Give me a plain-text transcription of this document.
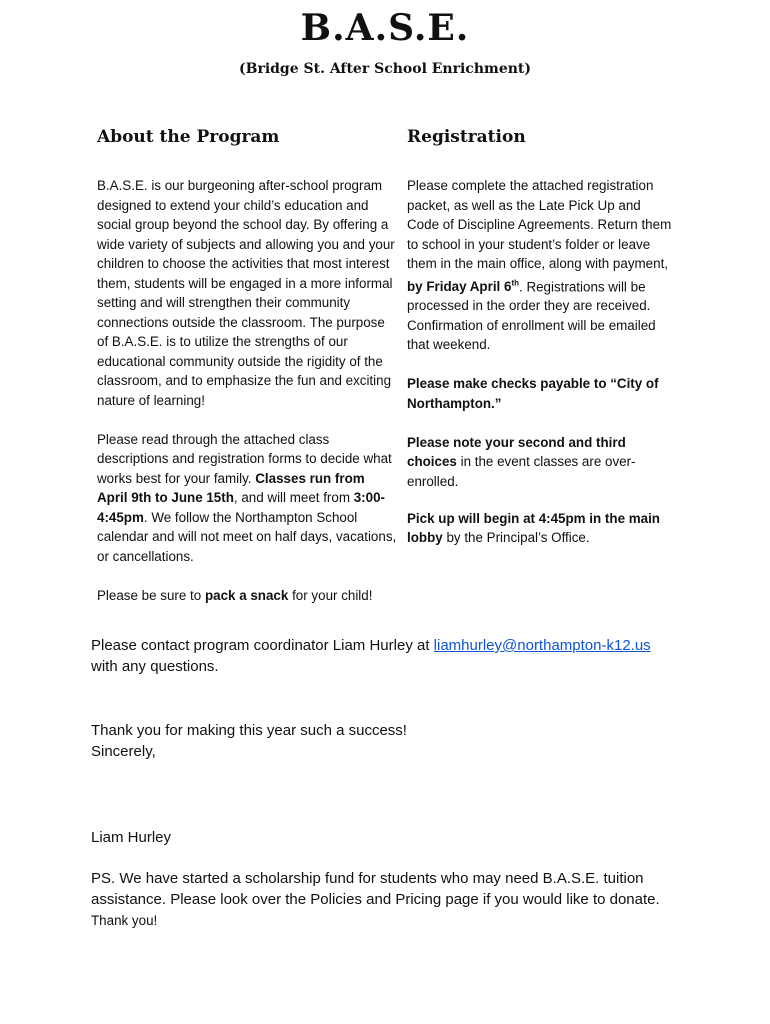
B.A.S.E.
(Bridge St. After School Enrichment)
About the Program	Registration

B.A.S.E. is our burgeoning after-school program designed to extend your child’s education and social group beyond the school day. By offering a wide variety of subjects and allowing you and your children to choose the activities that most interest them, students will be engaged in a more informal setting and will strengthen their community connections outside the classroom. The purpose of B.A.S.E. is to utilize the strengths of our educational community outside the rigidity of the classroom, and to emphasize the fun and exciting nature of learning!

Please read through the attached class descriptions and registration forms to decide what works best for your family. Classes run from April 9th to June 15th, and will meet from 3:00-4:45pm. We follow the Northampton School calendar and will not meet on half days, vacations, or cancellations.

Please be sure to pack a snack for your child!

Please complete the attached registration packet, as well as the Late Pick Up and Code of Discipline Agreements. Return them to school in your student’s folder or leave them in the main office, along with payment, by Friday April 6th. Registrations will be processed in the order they are received. Confirmation of enrollment will be emailed that weekend.

Please make checks payable to “City of Northampton.”

Please note your second and third choices in the event classes are over-enrolled.

Pick up will begin at 4:45pm in the main lobby by the Principal’s Office.

Please contact program coordinator Liam Hurley at liamhurley@northampton-k12.us

with any questions.

Thank you for making this year such a success!

Sincerely,

Liam Hurley

PS. We have started a scholarship fund for students who may need B.A.S.E. tuition assistance. Please look over the Policies and Pricing page if you would like to donate.

Thank you!
